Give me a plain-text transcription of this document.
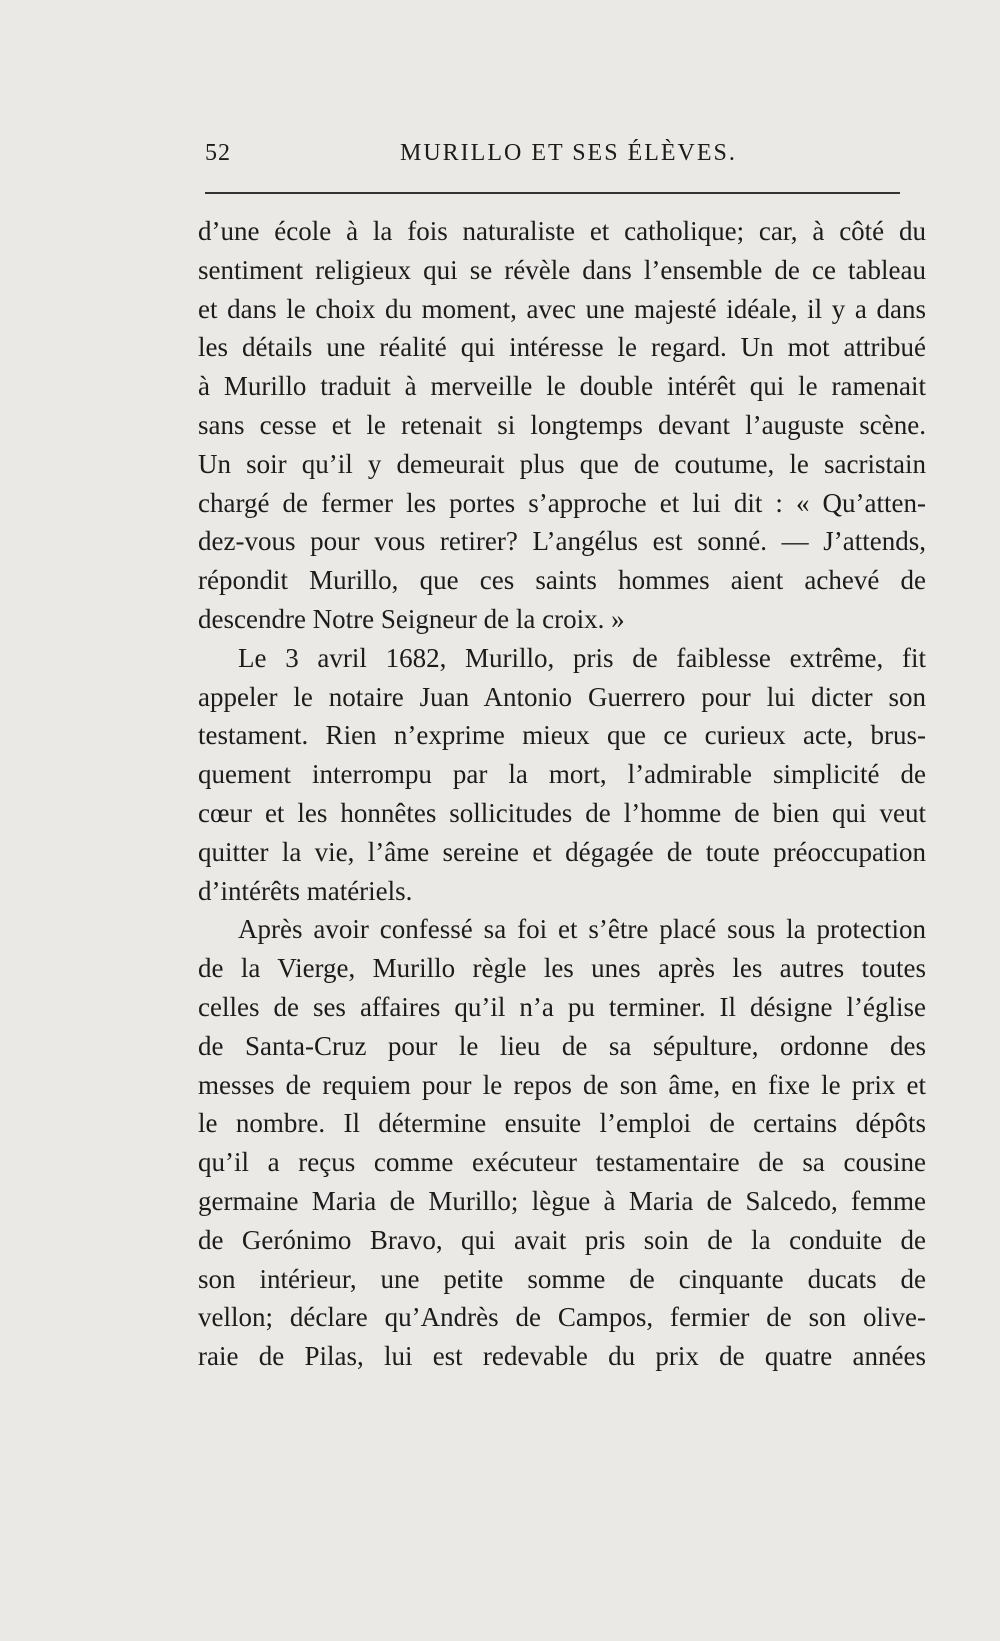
52	MURILLO ET SES ÉLÈVES.
d’une école à la fois naturaliste et catholique; car, à côté du
sentiment religieux qui se révèle dans l’ensemble de ce tableau
et dans le choix du moment, avec une majesté idéale, il y a dans
les détails une réalité qui intéresse le regard. Un mot attribué
à Murillo traduit à merveille le double intérêt qui le ramenait
sans cesse et le retenait si longtemps devant l’auguste scène.
Un soir qu’il y demeurait plus que de coutume, le sacristain
chargé de fermer les portes s’approche et lui dit : « Qu’atten-
dez-vous pour vous retirer? L’angélus est sonné. — J’attends,
répondit Murillo, que ces saints hommes aient achevé de
descendre Notre Seigneur de la croix. »
Le 3 avril 1682, Murillo, pris de faiblesse extrême, fit
appeler le notaire Juan Antonio Guerrero pour lui dicter son
testament. Rien n’exprime mieux que ce curieux acte, brus-
quement interrompu par la mort, l’admirable simplicité de
cœur et les honnêtes sollicitudes de l’homme de bien qui veut
quitter la vie, l’âme sereine et dégagée de toute préoccupation
d’intérêts matériels.
Après avoir confessé sa foi et s’être placé sous la protection
de la Vierge, Murillo règle les unes après les autres toutes
celles de ses affaires qu’il n’a pu terminer. Il désigne l’église
de Santa-Cruz pour le lieu de sa sépulture, ordonne des
messes de requiem pour le repos de son âme, en fixe le prix et
le nombre. Il détermine ensuite l’emploi de certains dépôts
qu’il a reçus comme exécuteur testamentaire de sa cousine
germaine Maria de Murillo; lègue à Maria de Salcedo, femme
de Gerónimo Bravo, qui avait pris soin de la conduite de
son intérieur, une petite somme de cinquante ducats de
vellon; déclare qu’Andrès de Campos, fermier de son olive-
raie de Pilas, lui est redevable du prix de quatre années
